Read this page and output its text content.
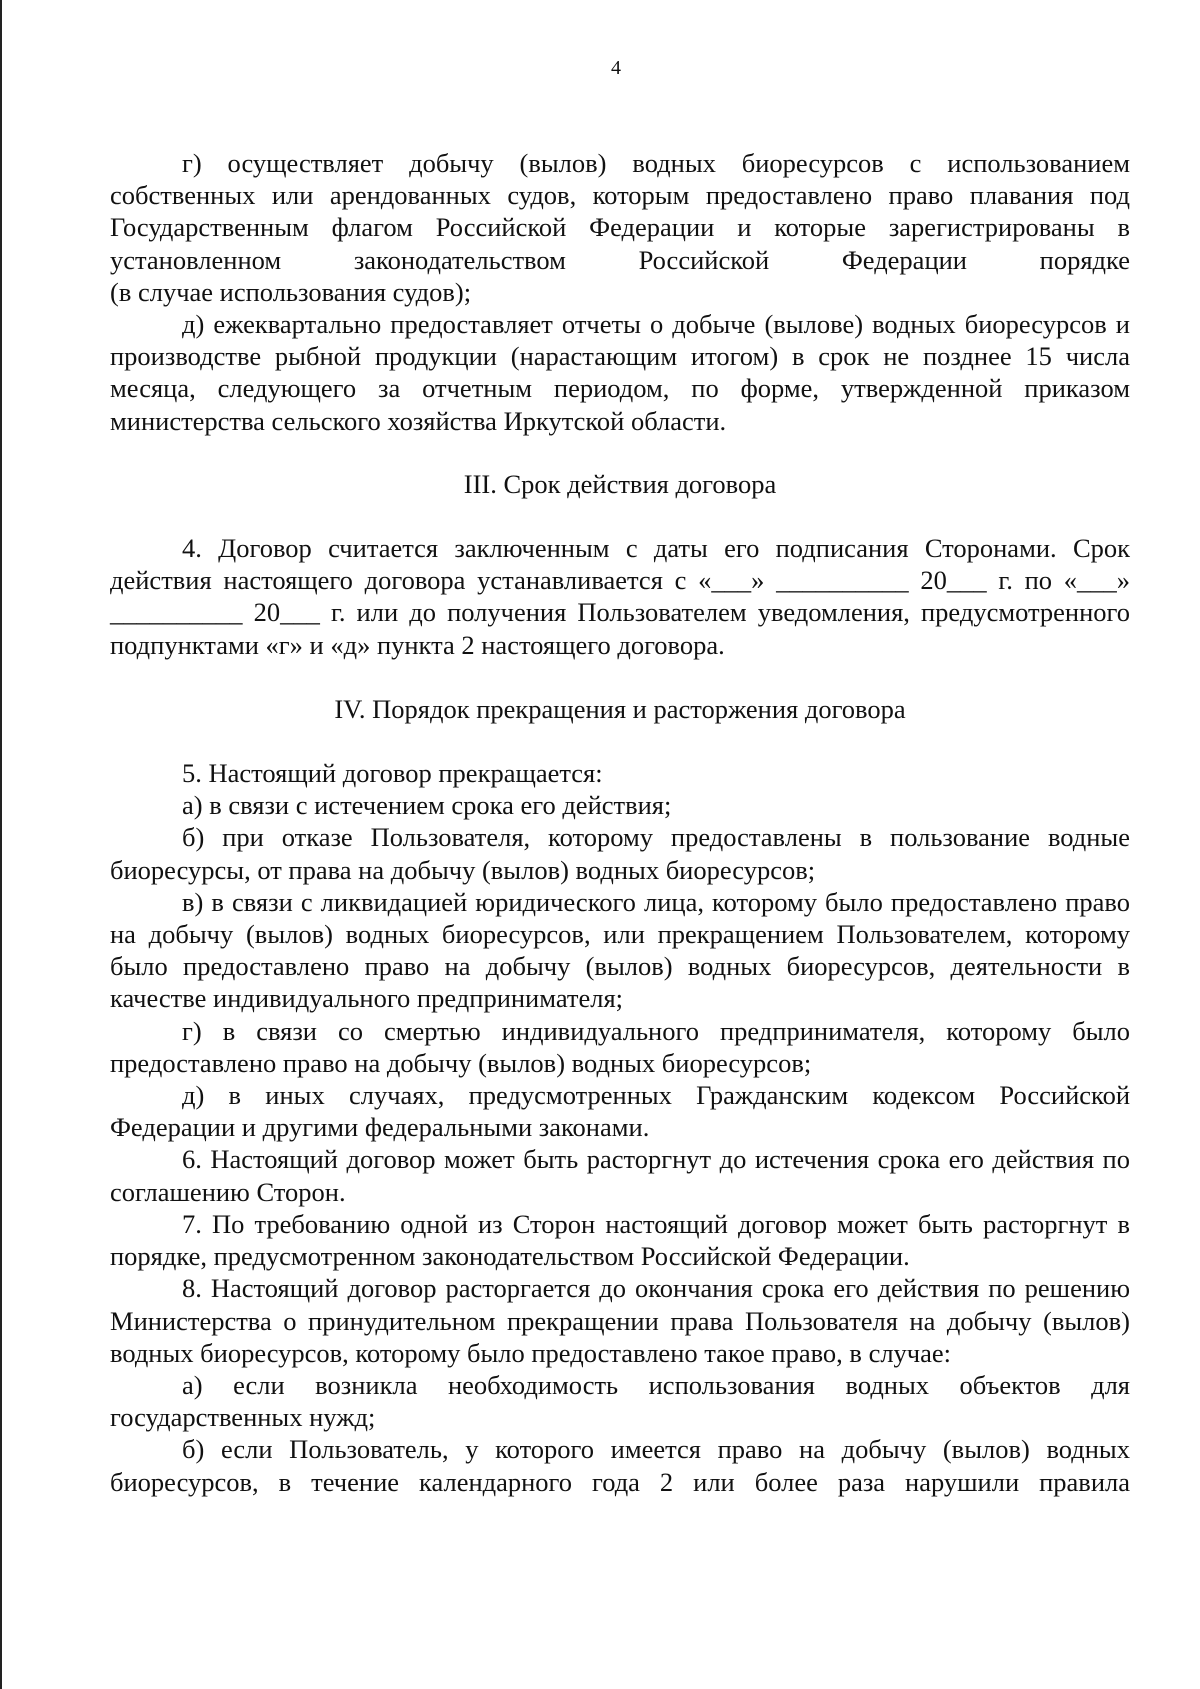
4

г) осуществляет добычу (вылов) водных биоресурсов с использованием собственных или арендованных судов, которым предоставлено право плавания под Государственным флагом Российской Федерации и которые зарегистрированы в установленном законодательством Российской Федерации порядке

(в случае использования судов);

д) ежеквартально предоставляет отчеты о добыче (вылове) водных биоресурсов и производстве рыбной продукции (нарастающим итогом) в срок не позднее 15 числа месяца, следующего за отчетным периодом, по форме, утвержденной приказом министерства сельского хозяйства Иркутской области.

III. Срок действия договора

4. Договор считается заключенным с даты его подписания Сторонами. Срок действия настоящего договора устанавливается с «___» __________ 20___ г. по «___» __________ 20___ г. или до получения Пользователем уведомления, предусмотренного подпунктами «г» и «д» пункта 2 настоящего договора.

IV. Порядок прекращения и расторжения договора

5. Настоящий договор прекращается:

а) в связи с истечением срока его действия;

б) при отказе Пользователя, которому предоставлены в пользование водные биоресурсы, от права на добычу (вылов) водных биоресурсов;

в) в связи с ликвидацией юридического лица, которому было предоставлено право на добычу (вылов) водных биоресурсов, или прекращением Пользователем, которому было предоставлено право на добычу (вылов) водных биоресурсов, деятельности в качестве индивидуального предпринимателя;

г) в связи со смертью индивидуального предпринимателя, которому было предоставлено право на добычу (вылов) водных биоресурсов;

д) в иных случаях, предусмотренных Гражданским кодексом Российской Федерации и другими федеральными законами.

6. Настоящий договор может быть расторгнут до истечения срока его действия по соглашению Сторон.

7. По требованию одной из Сторон настоящий договор может быть расторгнут в порядке, предусмотренном законодательством Российской Федерации.

8. Настоящий договор расторгается до окончания срока его действия по решению Министерства о принудительном прекращении права Пользователя на добычу (вылов) водных биоресурсов, которому было предоставлено такое право, в случае:

а) если возникла необходимость использования водных объектов для государственных нужд;

б) если Пользователь, у которого имеется право на добычу (вылов) водных биоресурсов, в течение календарного года 2 или более раза нарушили правила
